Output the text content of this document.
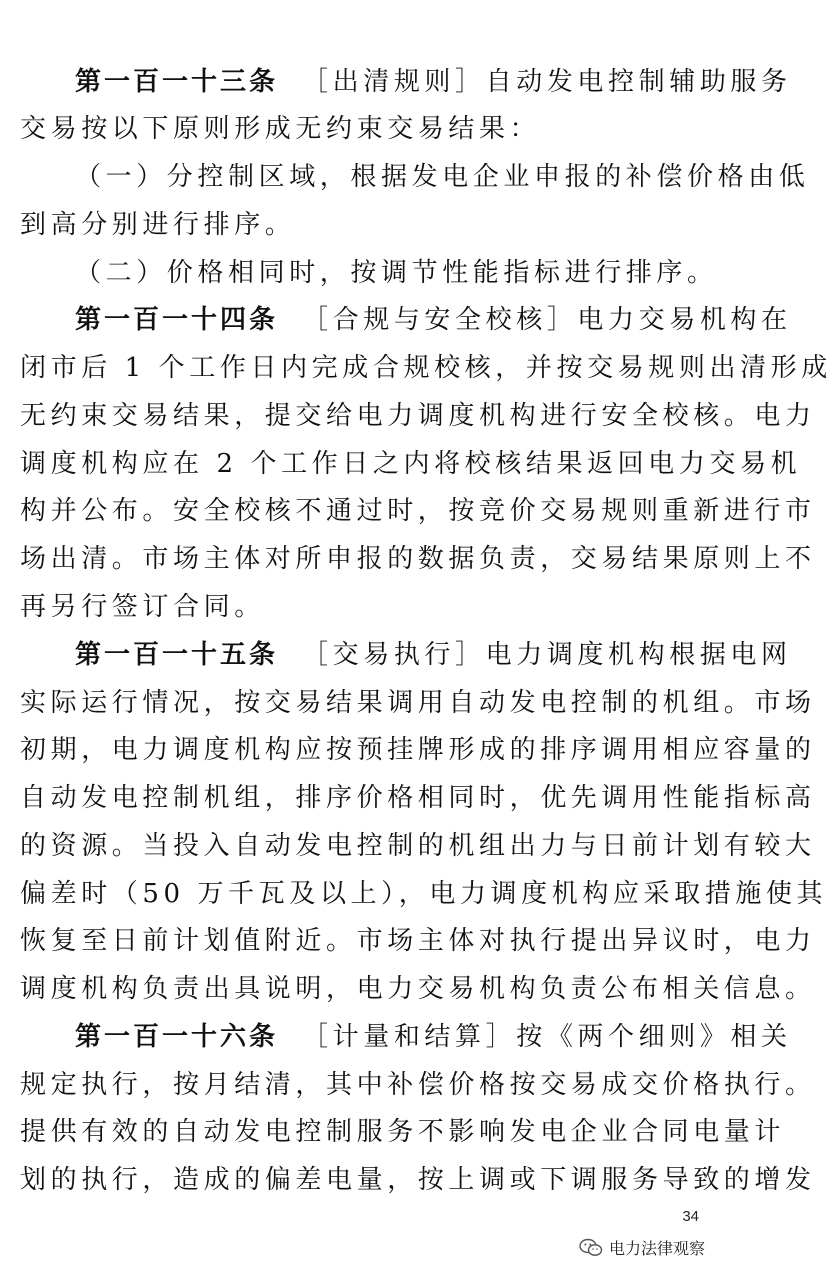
第一百一十三条 ［出清规则］自动发电控制辅助服务
交易按以下原则形成无约束交易结果：
（一）分控制区域，根据发电企业申报的补偿价格由低
到高分别进行排序。
（二）价格相同时，按调节性能指标进行排序。
第一百一十四条 ［合规与安全校核］电力交易机构在
闭市后 1 个工作日内完成合规校核，并按交易规则出清形成
无约束交易结果，提交给电力调度机构进行安全校核。电力
调度机构应在 2 个工作日之内将校核结果返回电力交易机
构并公布。安全校核不通过时，按竞价交易规则重新进行市
场出清。市场主体对所申报的数据负责，交易结果原则上不
再另行签订合同。
第一百一十五条 ［交易执行］电力调度机构根据电网
实际运行情况，按交易结果调用自动发电控制的机组。市场
初期，电力调度机构应按预挂牌形成的排序调用相应容量的
自动发电控制机组，排序价格相同时，优先调用性能指标高
的资源。当投入自动发电控制的机组出力与日前计划有较大
偏差时（50 万千瓦及以上），电力调度机构应采取措施使其
恢复至日前计划值附近。市场主体对执行提出异议时，电力
调度机构负责出具说明，电力交易机构负责公布相关信息。
第一百一十六条 ［计量和结算］按《两个细则》相关
规定执行，按月结清，其中补偿价格按交易成交价格执行。
提供有效的自动发电控制服务不影响发电企业合同电量计
划的执行，造成的偏差电量，按上调或下调服务导致的增发
34
电力法律观察
